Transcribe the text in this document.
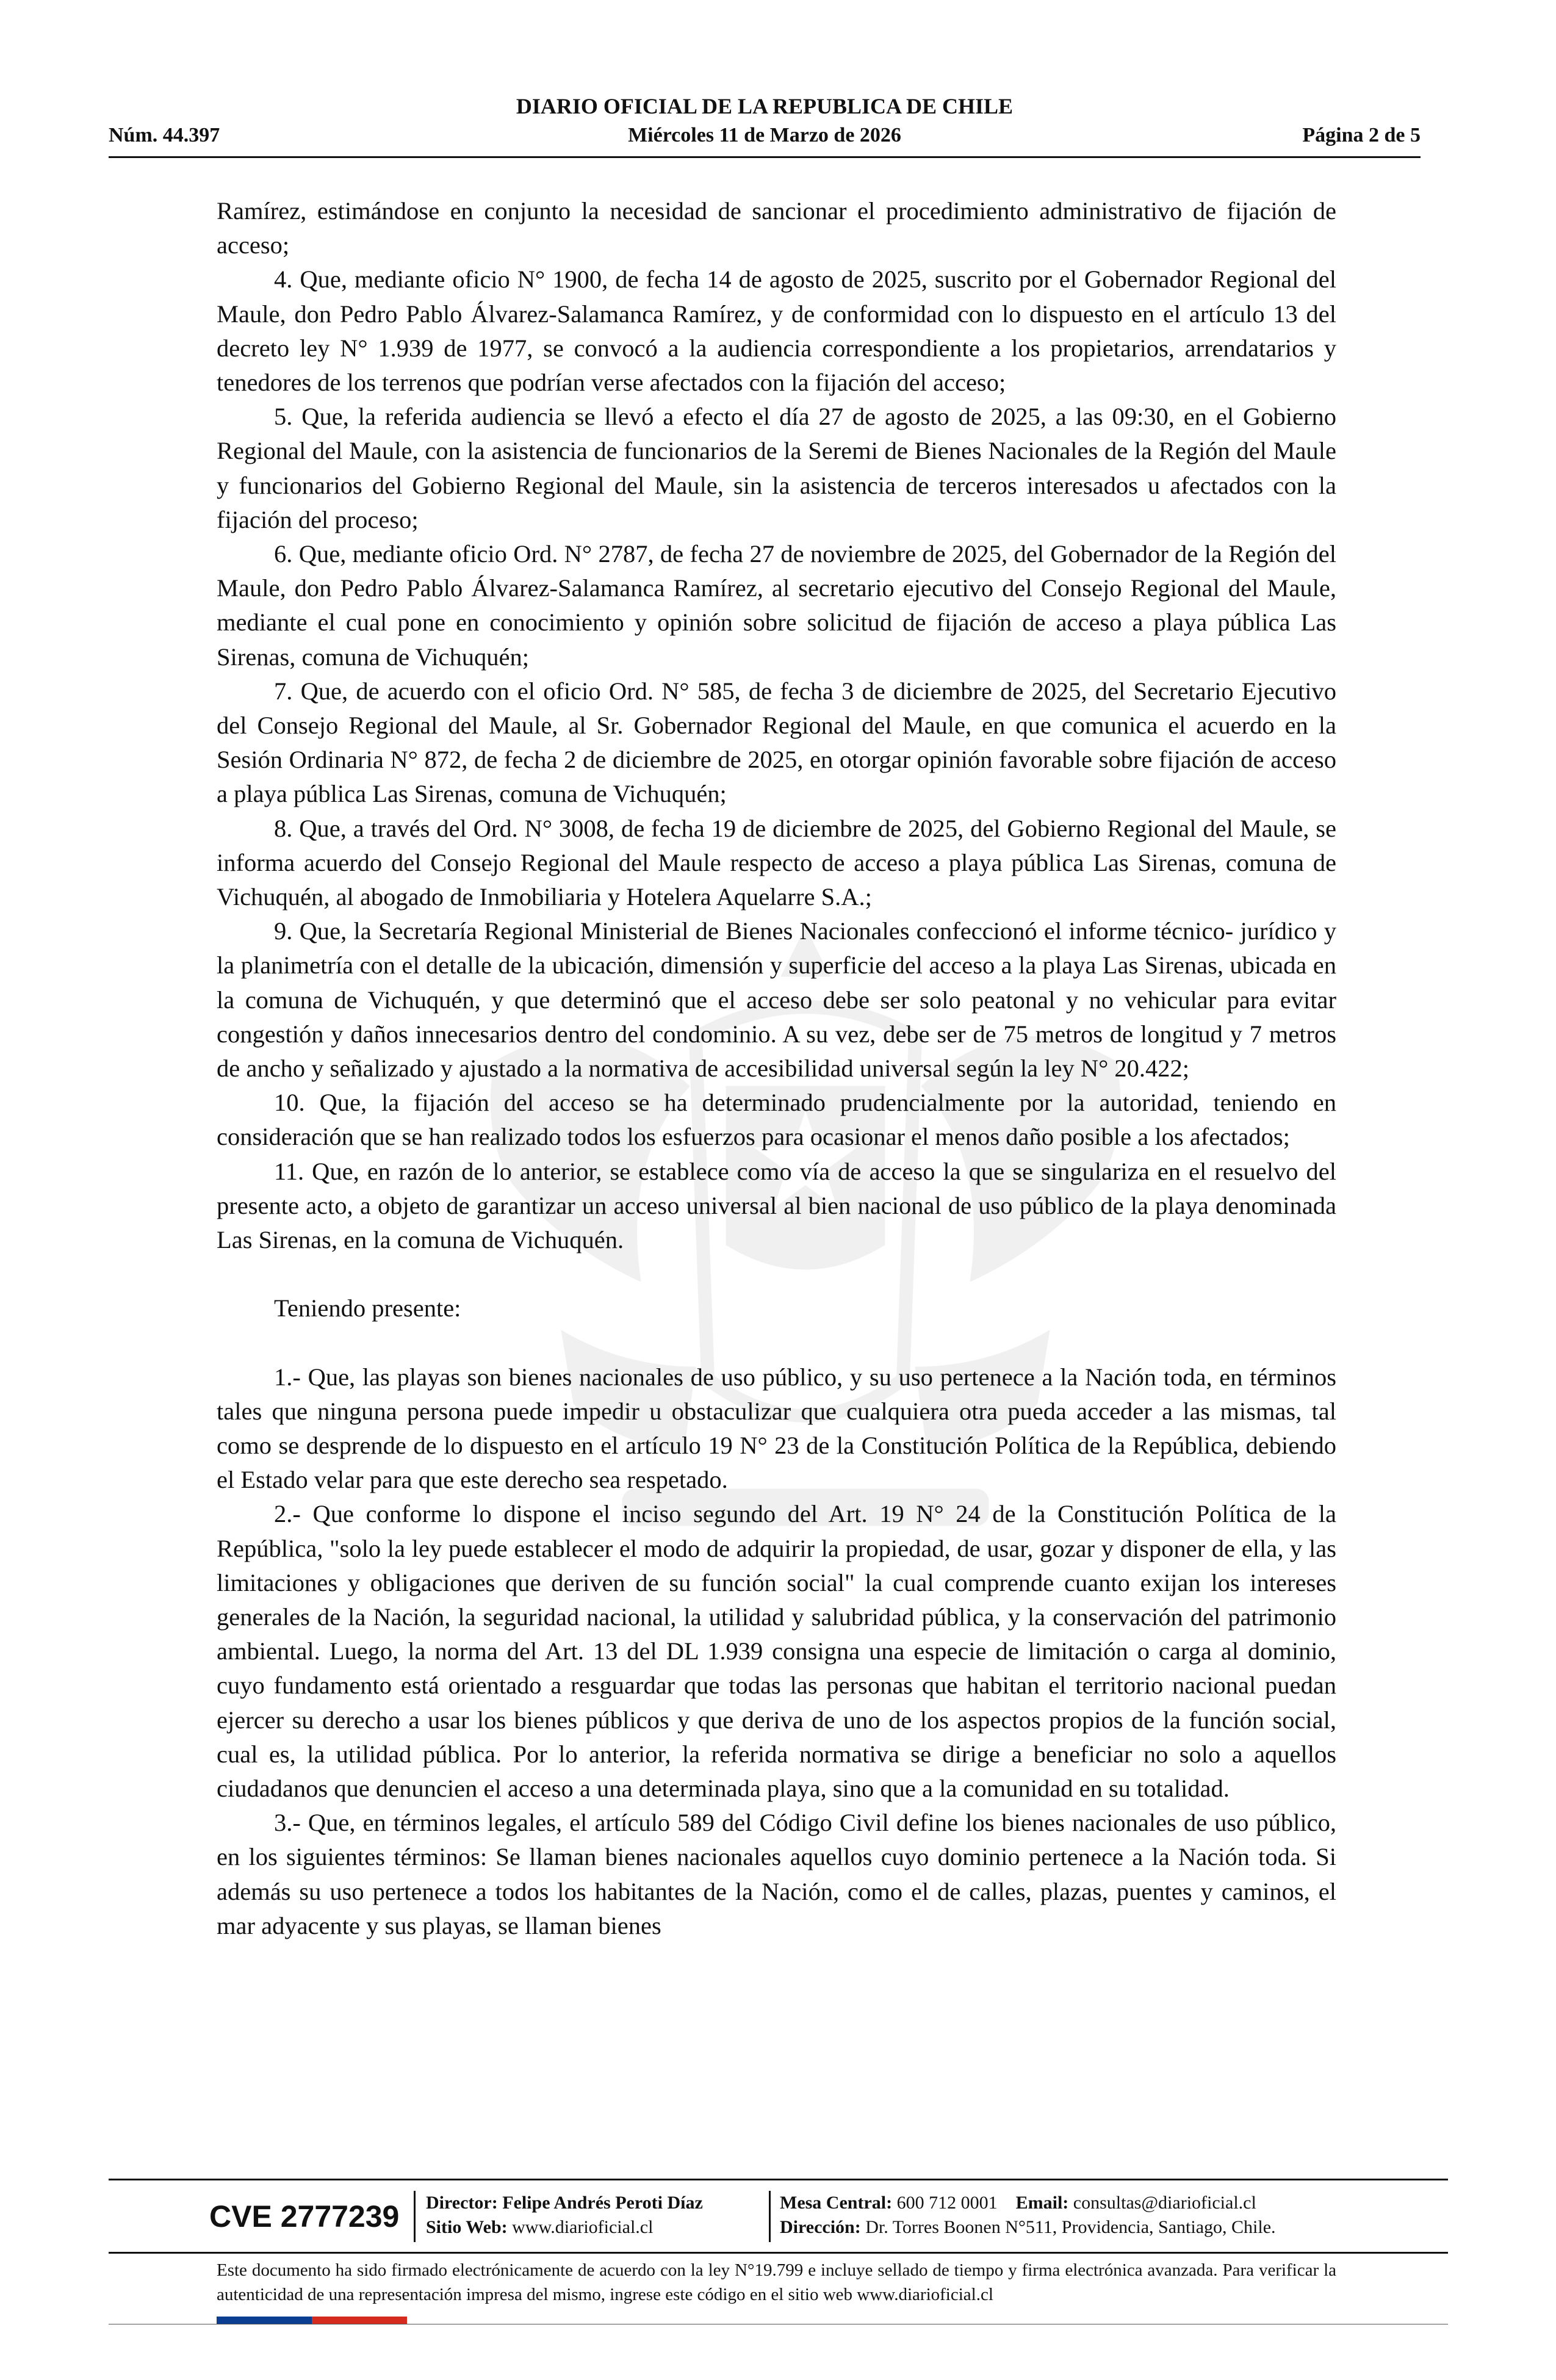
DIARIO OFICIAL DE LA REPUBLICA DE CHILE
Núm. 44.397	Miércoles 11 de Marzo de 2026	Página 2 de 5

Ramírez, estimándose en conjunto la necesidad de sancionar el procedimiento administrativo de fijación de acceso;

4. Que, mediante oficio N° 1900, de fecha 14 de agosto de 2025, suscrito por el Gobernador Regional del Maule, don Pedro Pablo Álvarez-Salamanca Ramírez, y de conformidad con lo dispuesto en el artículo 13 del decreto ley N° 1.939 de 1977, se convocó a la audiencia correspondiente a los propietarios, arrendatarios y tenedores de los terrenos que podrían verse afectados con la fijación del acceso;

5. Que, la referida audiencia se llevó a efecto el día 27 de agosto de 2025, a las 09:30, en el Gobierno Regional del Maule, con la asistencia de funcionarios de la Seremi de Bienes Nacionales de la Región del Maule y funcionarios del Gobierno Regional del Maule, sin la asistencia de terceros interesados u afectados con la fijación del proceso;

6. Que, mediante oficio Ord. N° 2787, de fecha 27 de noviembre de 2025, del Gobernador de la Región del Maule, don Pedro Pablo Álvarez-Salamanca Ramírez, al secretario ejecutivo del Consejo Regional del Maule, mediante el cual pone en conocimiento y opinión sobre solicitud de fijación de acceso a playa pública Las Sirenas, comuna de Vichuquén;

7. Que, de acuerdo con el oficio Ord. N° 585, de fecha 3 de diciembre de 2025, del Secretario Ejecutivo del Consejo Regional del Maule, al Sr. Gobernador Regional del Maule, en que comunica el acuerdo en la Sesión Ordinaria N° 872, de fecha 2 de diciembre de 2025, en otorgar opinión favorable sobre fijación de acceso a playa pública Las Sirenas, comuna de Vichuquén;

8. Que, a través del Ord. N° 3008, de fecha 19 de diciembre de 2025, del Gobierno Regional del Maule, se informa acuerdo del Consejo Regional del Maule respecto de acceso a playa pública Las Sirenas, comuna de Vichuquén, al abogado de Inmobiliaria y Hotelera Aquelarre S.A.;

9. Que, la Secretaría Regional Ministerial de Bienes Nacionales confeccionó el informe técnico- jurídico y la planimetría con el detalle de la ubicación, dimensión y superficie del acceso a la playa Las Sirenas, ubicada en la comuna de Vichuquén, y que determinó que el acceso debe ser solo peatonal y no vehicular para evitar congestión y daños innecesarios dentro del condominio. A su vez, debe ser de 75 metros de longitud y 7 metros de ancho y señalizado y ajustado a la normativa de accesibilidad universal según la ley N° 20.422;

10. Que, la fijación del acceso se ha determinado prudencialmente por la autoridad, teniendo en consideración que se han realizado todos los esfuerzos para ocasionar el menos daño posible a los afectados;

11. Que, en razón de lo anterior, se establece como vía de acceso la que se singulariza en el resuelvo del presente acto, a objeto de garantizar un acceso universal al bien nacional de uso público de la playa denominada Las Sirenas, en la comuna de Vichuquén.

Teniendo presente:

1.- Que, las playas son bienes nacionales de uso público, y su uso pertenece a la Nación toda, en términos tales que ninguna persona puede impedir u obstaculizar que cualquiera otra pueda acceder a las mismas, tal como se desprende de lo dispuesto en el artículo 19 N° 23 de la Constitución Política de la República, debiendo el Estado velar para que este derecho sea respetado.

2.- Que conforme lo dispone el inciso segundo del Art. 19 N° 24 de la Constitución Política de la República, "solo la ley puede establecer el modo de adquirir la propiedad, de usar, gozar y disponer de ella, y las limitaciones y obligaciones que deriven de su función social" la cual comprende cuanto exijan los intereses generales de la Nación, la seguridad nacional, la utilidad y salubridad pública, y la conservación del patrimonio ambiental. Luego, la norma del Art. 13 del DL 1.939 consigna una especie de limitación o carga al dominio, cuyo fundamento está orientado a resguardar que todas las personas que habitan el territorio nacional puedan ejercer su derecho a usar los bienes públicos y que deriva de uno de los aspectos propios de la función social, cual es, la utilidad pública. Por lo anterior, la referida normativa se dirige a beneficiar no solo a aquellos ciudadanos que denuncien el acceso a una determinada playa, sino que a la comunidad en su totalidad.

3.- Que, en términos legales, el artículo 589 del Código Civil define los bienes nacionales de uso público, en los siguientes términos: Se llaman bienes nacionales aquellos cuyo dominio pertenece a la Nación toda. Si además su uso pertenece a todos los habitantes de la Nación, como el de calles, plazas, puentes y caminos, el mar adyacente y sus playas, se llaman bienes

CVE 2777239 Director: Felipe Andrés Peroti Díaz
Sitio Web: www.diarioficial.cl
Mesa Central: 600 712 0001 Email: consultas@diarioficial.cl
Dirección: Dr. Torres Boonen N°511, Providencia, Santiago, Chile.
Este documento ha sido firmado electrónicamente de acuerdo con la ley N°19.799 e incluye sellado de tiempo y firma electrónica avanzada. Para verificar la autenticidad de una representación impresa del mismo, ingrese este código en el sitio web www.diarioficial.cl
